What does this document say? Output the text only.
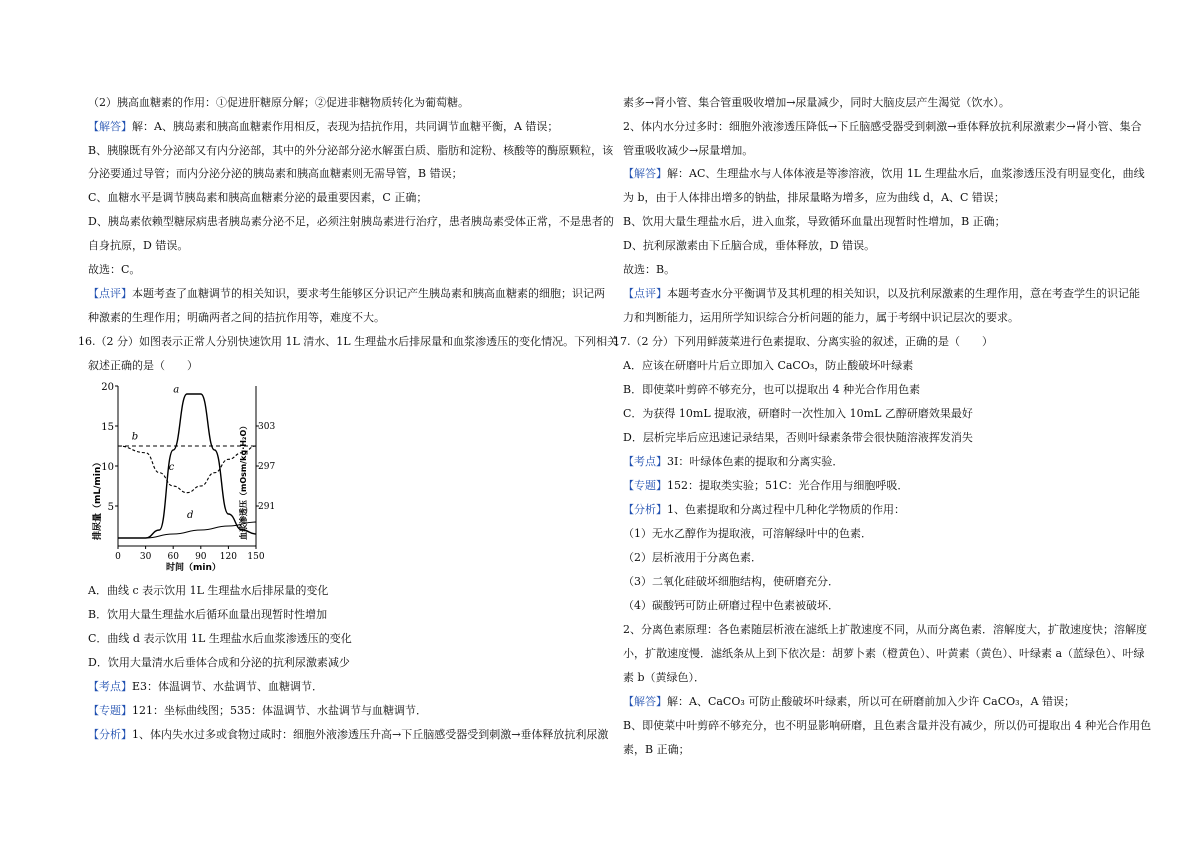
（2）胰高血糖素的作用：①促进肝糖原分解；②促进非糖物质转化为葡萄糖。
【解答】解：A、胰岛素和胰高血糖素作用相反，表现为拮抗作用，共同调节血糖平衡，A 错误；
B、胰腺既有外分泌部又有内分泌部，其中的外分泌部分泌水解蛋白质、脂肪和淀粉、核酸等的酶原颗粒，该
分泌要通过导管；而内分泌分泌的胰岛素和胰高血糖素则无需导管，B 错误；
C、血糖水平是调节胰岛素和胰高血糖素分泌的最重要因素，C 正确；
D、胰岛素依赖型糖尿病患者胰岛素分泌不足，必须注射胰岛素进行治疗，患者胰岛素受体正常，不是患者的
自身抗原，D 错误。
故选：C。
【点评】本题考查了血糖调节的相关知识，要求考生能够区分识记产生胰岛素和胰高血糖素的细胞；识记两
种激素的生理作用；明确两者之间的拮抗作用等，难度不大。
16.（2 分）如图表示正常人分别快速饮用 1L 清水、1L 生理盐水后排尿量和血浆渗透压的变化情况。下列相关
叙述正确的是（　　）
排尿量（mL/min）	血浆渗透压（mOsm/kg·H₂O）
时间（min）
20
15
10
5
303
297
291
0 30 60 90 120 150
a
b
c
d
A．曲线 c 表示饮用 1L 生理盐水后排尿量的变化
B．饮用大量生理盐水后循环血量出现暂时性增加
C．曲线 d 表示饮用 1L 生理盐水后血浆渗透压的变化
D．饮用大量清水后垂体合成和分泌的抗利尿激素减少
【考点】E3：体温调节、水盐调节、血糖调节．
【专题】121：坐标曲线图；535：体温调节、水盐调节与血糖调节．
【分析】1、体内失水过多或食物过咸时：细胞外液渗透压升高→下丘脑感受器受到刺激→垂体释放抗利尿激
素多→肾小管、集合管重吸收增加→尿量减少，同时大脑皮层产生渴觉（饮水）。
2、体内水分过多时：细胞外液渗透压降低→下丘脑感受器受到刺激→垂体释放抗利尿激素少→肾小管、集合
管重吸收减少→尿量增加。
【解答】解：AC、生理盐水与人体体液是等渗溶液，饮用 1L 生理盐水后，血浆渗透压没有明显变化，曲线
为 b，由于人体排出增多的钠盐，排尿量略为增多，应为曲线 d，A、C 错误；
B、饮用大量生理盐水后，进入血浆，导致循环血量出现暂时性增加，B 正确；
D、抗利尿激素由下丘脑合成，垂体释放，D 错误。
故选：B。
【点评】本题考查水分平衡调节及其机理的相关知识，以及抗利尿激素的生理作用，意在考查学生的识记能
力和判断能力，运用所学知识综合分析问题的能力，属于考纲中识记层次的要求。
17.（2 分）下列用鲜菠菜进行色素提取、分离实验的叙述，正确的是（　　）
A．应该在研磨叶片后立即加入 CaCO₃，防止酸破坏叶绿素
B．即使菜叶剪碎不够充分，也可以提取出 4 种光合作用色素
C．为获得 10mL 提取液，研磨时一次性加入 10mL 乙醇研磨效果最好
D．层析完毕后应迅速记录结果，否则叶绿素条带会很快随溶液挥发消失
【考点】3I：叶绿体色素的提取和分离实验．
【专题】152：提取类实验；51C：光合作用与细胞呼吸．
【分析】1、色素提取和分离过程中几种化学物质的作用：
（1）无水乙醇作为提取液，可溶解绿叶中的色素．
（2）层析液用于分离色素．
（3）二氧化硅破坏细胞结构，使研磨充分．
（4）碳酸钙可防止研磨过程中色素被破坏．
2、分离色素原理：各色素随层析液在滤纸上扩散速度不同，从而分离色素．溶解度大，扩散速度快；溶解度
小，扩散速度慢．滤纸条从上到下依次是：胡萝卜素（橙黄色）、叶黄素（黄色）、叶绿素 a（蓝绿色）、叶绿
素 b（黄绿色）．
【解答】解：A、CaCO₃ 可防止酸破坏叶绿素，所以可在研磨前加入少许 CaCO₃，A 错误；
B、即使菜中叶剪碎不够充分，也不明显影响研磨，且色素含量并没有减少，所以仍可提取出 4 种光合作用色
素，B 正确；
